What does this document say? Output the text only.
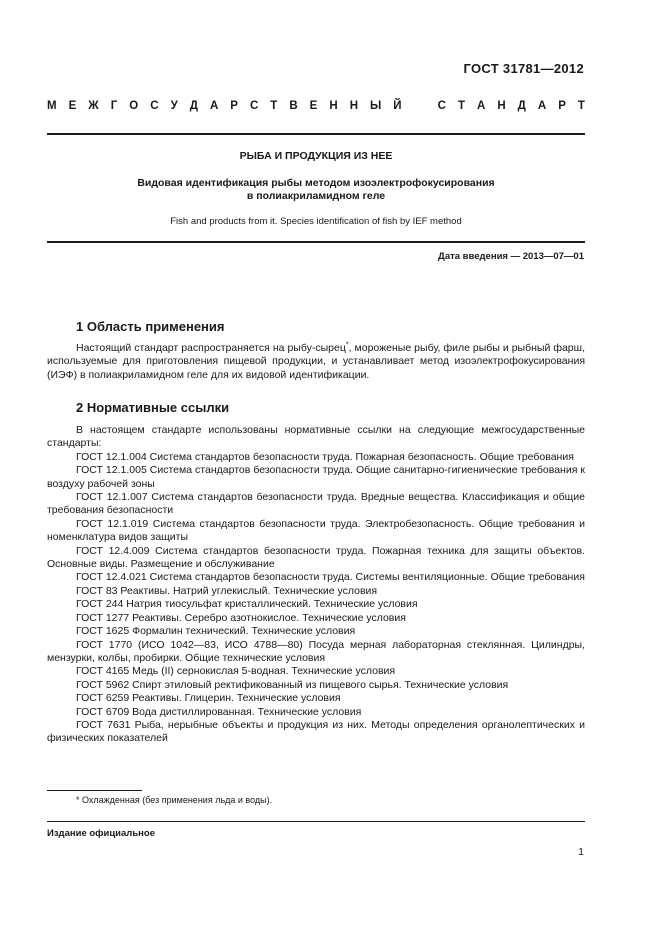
ГОСТ 31781—2012
М Е Ж Г О С У Д А Р С Т В Е Н Н Ы Й	С Т А Н Д А Р Т
РЫБА И ПРОДУКЦИЯ ИЗ НЕЕ
Видовая идентификация рыбы методом изоэлектрофокусирования
в полиакриламидном геле
Fish and products from it. Species identification of fish by IEF method
Дата введения — 2013—07—01
1 Область применения

Настоящий стандарт распространяется на рыбу-сырец*, мороженые рыбу, филе рыбы и рыбный фарш, используемые для приготовления пищевой продукции, и устанавливает метод изоэлектрофокусирования (ИЭФ) в полиакриламидном геле для их видовой идентификации.

2 Нормативные ссылки

В настоящем стандарте использованы нормативные ссылки на следующие межгосударственные стандарты:

ГОСТ 12.1.004 Система стандартов безопасности труда. Пожарная безопасность. Общие требования

ГОСТ 12.1.005 Система стандартов безопасности труда. Общие санитарно-гигиенические требования к воздуху рабочей зоны

ГОСТ 12.1.007 Система стандартов безопасности труда. Вредные вещества. Классификация и общие требования безопасности

ГОСТ 12.1.019 Система стандартов безопасности труда. Электробезопасность. Общие требования и номенклатура видов защиты

ГОСТ 12.4.009 Система стандартов безопасности труда. Пожарная техника для защиты объектов. Основные виды. Размещение и обслуживание

ГОСТ 12.4.021 Система стандартов безопасности труда. Системы вентиляционные. Общие требования

ГОСТ 83 Реактивы. Натрий углекислый. Технические условия

ГОСТ 244 Натрия тиосульфат кристаллический. Технические условия

ГОСТ 1277 Реактивы. Серебро азотнокислое. Технические условия

ГОСТ 1625 Формалин технический. Технические условия

ГОСТ 1770 (ИСО 1042—83, ИСО 4788—80) Посуда мерная лабораторная стеклянная. Цилиндры, мензурки, колбы, пробирки. Общие технические условия

ГОСТ 4165 Медь (II) сернокислая 5-водная. Технические условия

ГОСТ 5962 Спирт этиловый ректификованный из пищевого сырья. Технические условия

ГОСТ 6259 Реактивы. Глицерин. Технические условия

ГОСТ 6709 Вода дистиллированная. Технические условия

ГОСТ 7631 Рыба, нерыбные объекты и продукция из них. Методы определения органолептических и физических показателей

* Охлажденная (без применения льда и воды).
Издание официальное
1
